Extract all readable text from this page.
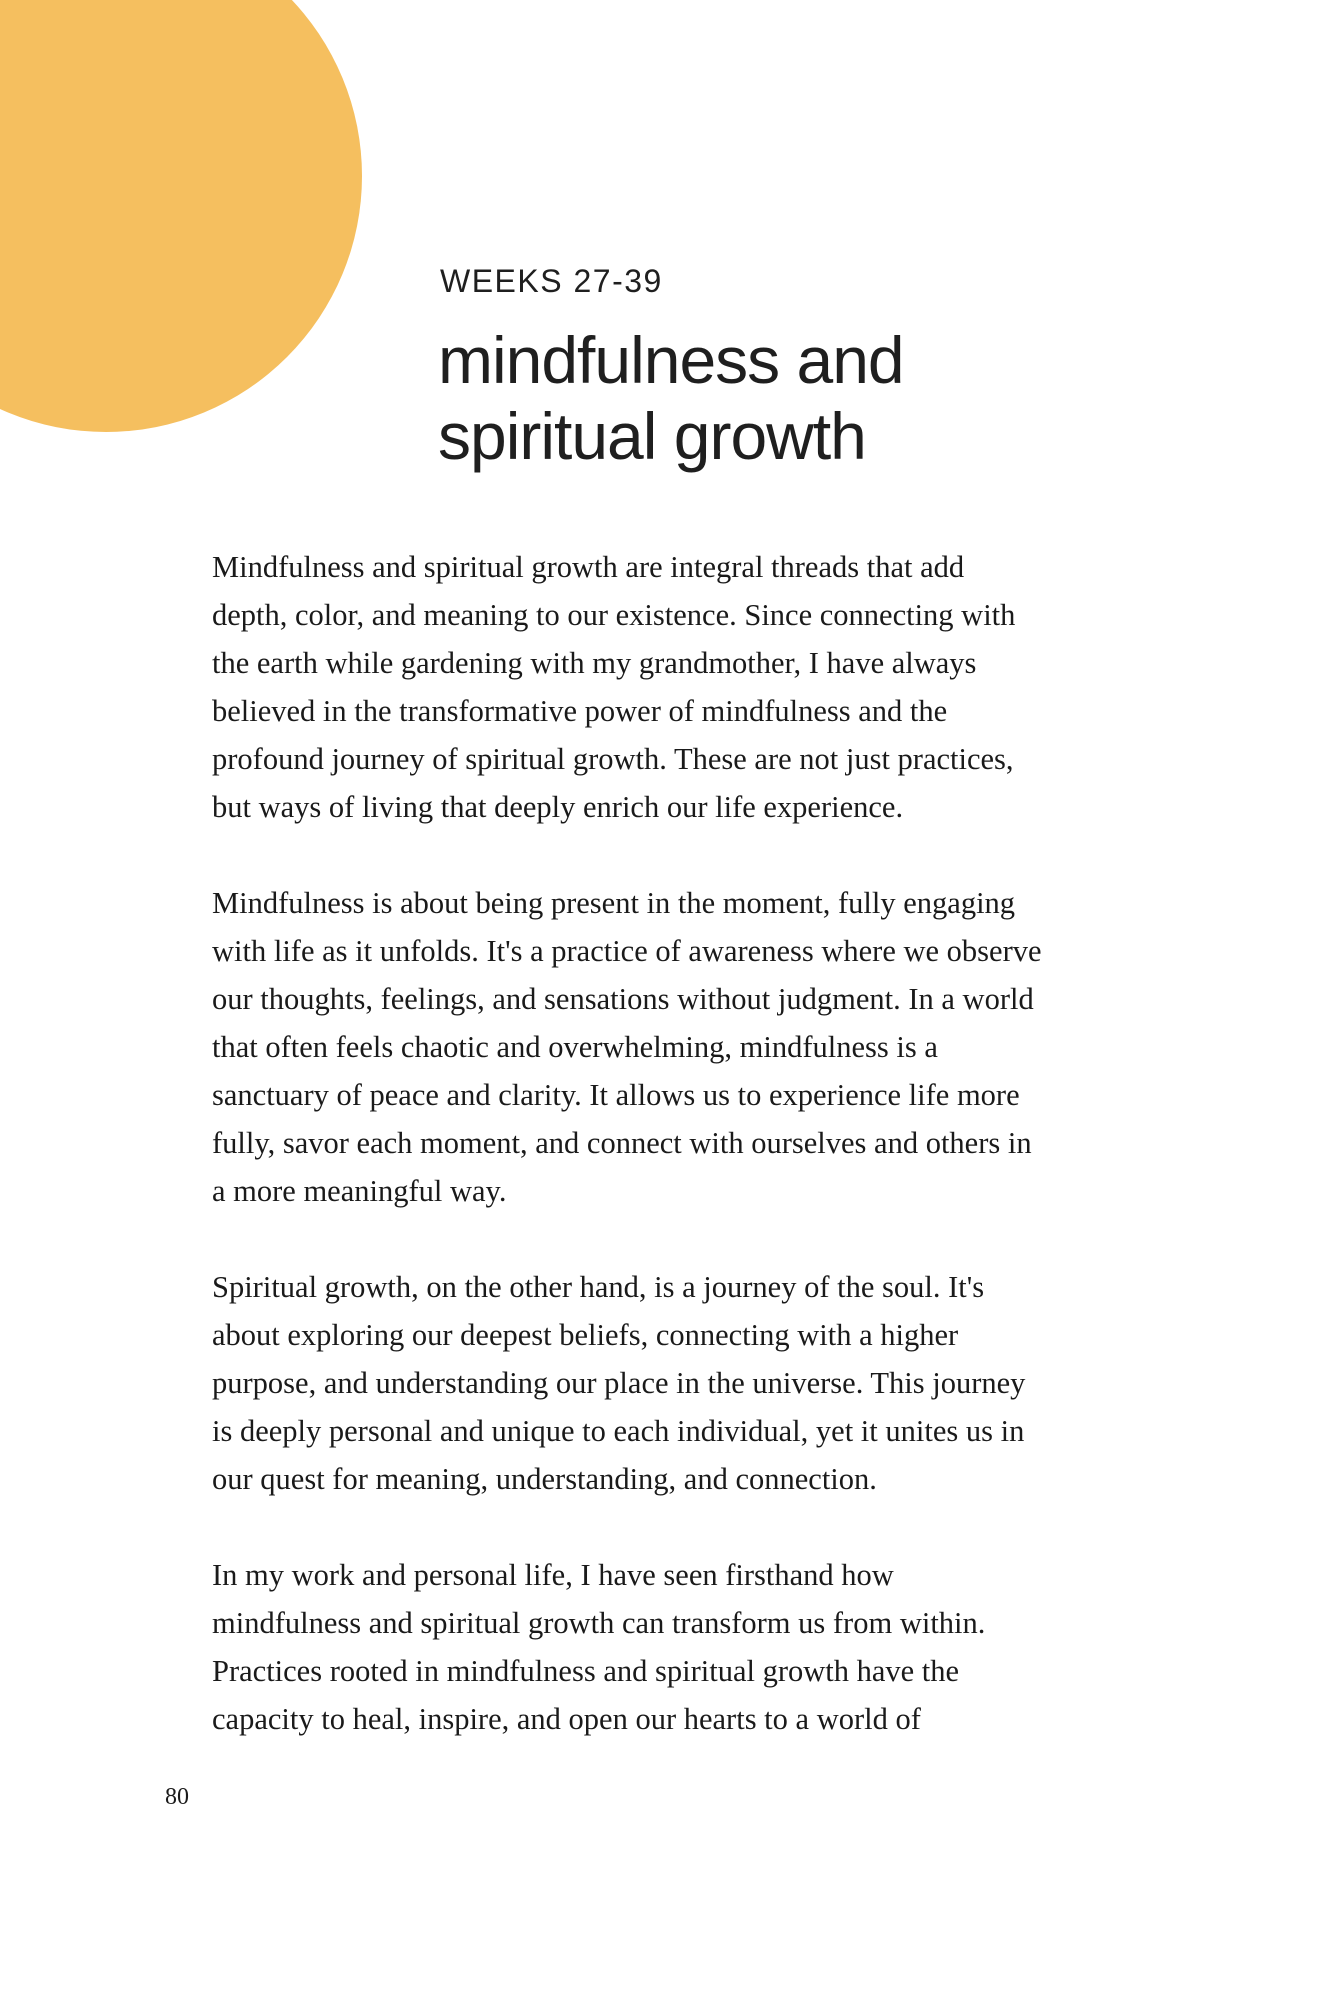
WEEKS 27-39
mindfulness and
spiritual growth

Mindfulness and spiritual growth are integral threads that add
depth, color, and meaning to our existence. Since connecting with
the earth while gardening with my grandmother, I have always
believed in the transformative power of mindfulness and the
profound journey of spiritual growth. These are not just practices,
but ways of living that deeply enrich our life experience.

Mindfulness is about being present in the moment, fully engaging
with life as it unfolds. It's a practice of awareness where we observe
our thoughts, feelings, and sensations without judgment. In a world
that often feels chaotic and overwhelming, mindfulness is a
sanctuary of peace and clarity. It allows us to experience life more
fully, savor each moment, and connect with ourselves and others in
a more meaningful way.

Spiritual growth, on the other hand, is a journey of the soul. It's
about exploring our deepest beliefs, connecting with a higher
purpose, and understanding our place in the universe. This journey
is deeply personal and unique to each individual, yet it unites us in
our quest for meaning, understanding, and connection.

In my work and personal life, I have seen firsthand how
mindfulness and spiritual growth can transform us from within.
Practices rooted in mindfulness and spiritual growth have the
capacity to heal, inspire, and open our hearts to a world of

80
